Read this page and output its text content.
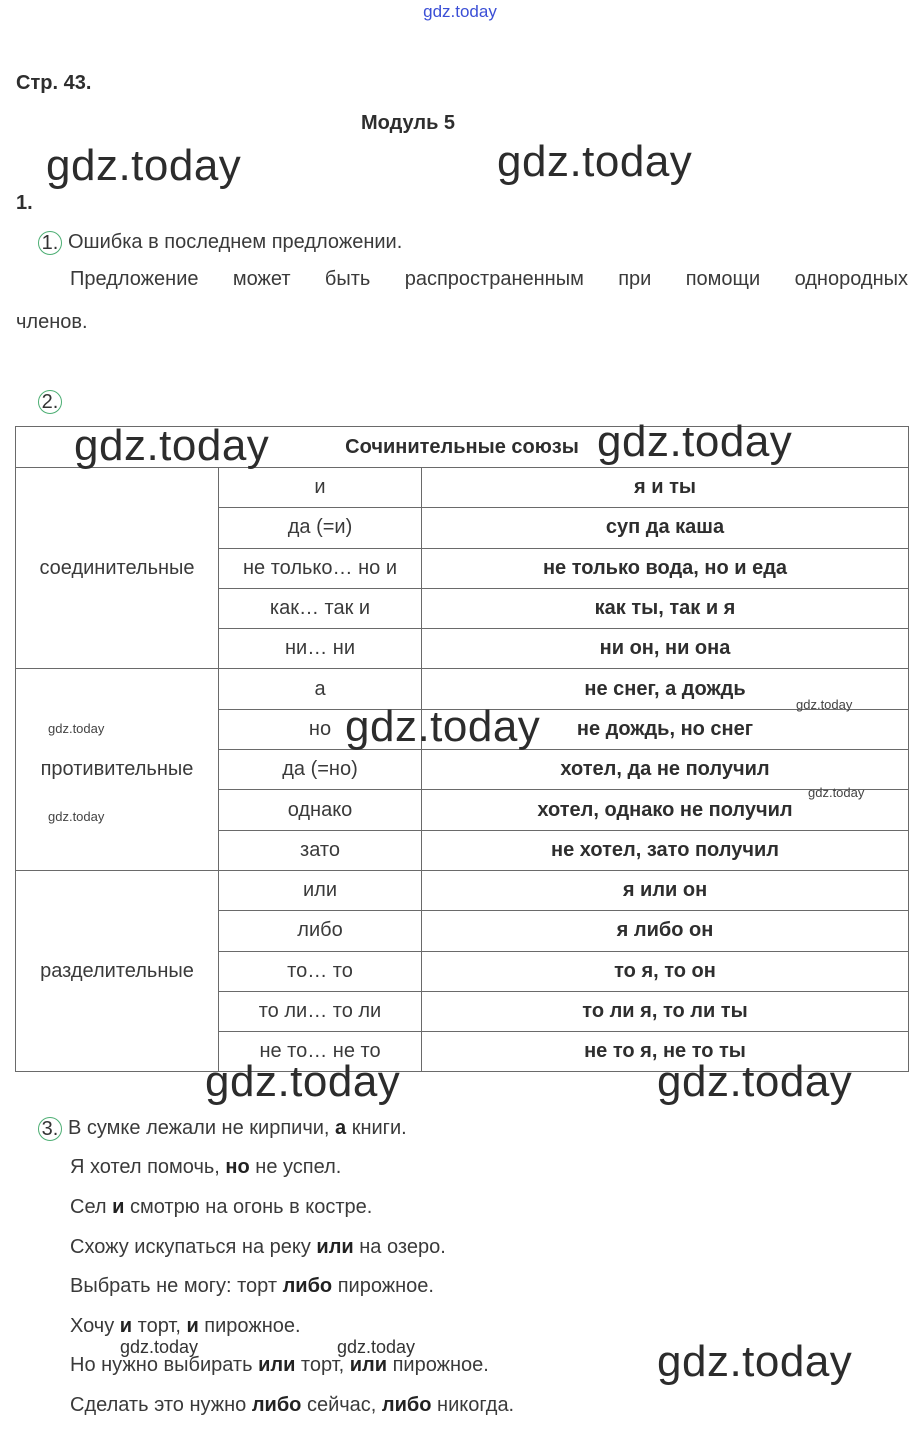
gdz.today
Стр. 43.
Модуль 5
1.
1. Ошибка в последнем предложении.
Предложение может быть распространенным при помощи однородных
членов.
2.
Сочинительные союзы		
соединительные	и	я и ты
	да (=и)	суп да каша
	не только… но и	не только вода, но и еда
	как… так и	как ты, так и я
	ни… ни	ни он, ни она
противительные	а	не снег, а дождь
	но	не дождь, но снег
	да (=но)	хотел, да не получил
	однако	хотел, однако не получил
	зато	не хотел, зато получил
разделительные	или	я или он
	либо	я либо он
	то… то	то я, то он
	то ли… то ли	то ли я, то ли ты
	не то… не то	не то я, не то ты
3. В сумке лежали не кирпичи, а книги.
Я хотел помочь, но не успел.
Сел и смотрю на огонь в костре.
Схожу искупаться на реку или на озеро.
Выбрать не могу: торт либо пирожное.
Хочу и торт, и пирожное.
Но нужно выбирать или торт, или пирожное.
Сделать это нужно либо сейчас, либо никогда.
gdz.today	gdz.today
gdz.today	gdz.today
gdz.today
gdz.today	gdz.today
gdz.today
gdz.today
gdz.today
gdz.today
gdz.today
gdz.today	gdz.today
